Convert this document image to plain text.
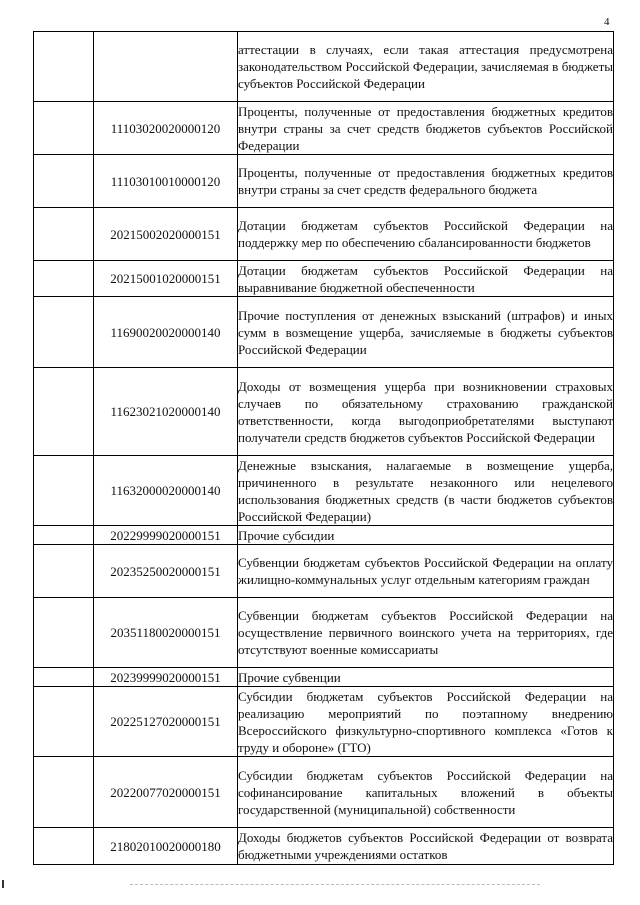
4
		аттестации в случаях, если такая аттестация предусмотрена законодательством Российской Федерации, зачисляемая в бюджеты субъектов Российской Федерации
	11103020020000120	Проценты, полученные от предоставления бюджетных кредитов внутри страны за счет средств бюджетов субъектов Российской Федерации
	11103010010000120	Проценты, полученные от предоставления бюджетных кредитов внутри страны за счет средств федерального бюджета
	20215002020000151	Дотации бюджетам субъектов Российской Федерации на поддержку мер по обеспечению сбалансированности бюджетов
	20215001020000151	Дотации бюджетам субъектов Российской Федерации на выравнивание бюджетной обеспеченности
	11690020020000140	Прочие поступления от денежных взысканий (штрафов) и иных сумм в возмещение ущерба, зачисляемые в бюджеты субъектов Российской Федерации
	11623021020000140	Доходы от возмещения ущерба при возникновении страховых случаев по обязательному страхованию гражданской ответственности, когда выгодоприобретателями выступают получатели средств бюджетов субъектов Российской Федерации
	11632000020000140	Денежные взыскания, налагаемые в возмещение ущерба, причиненного в результате незаконного или нецелевого использования бюджетных средств (в части бюджетов субъектов Российской Федерации)
	20229999020000151	Прочие субсидии
	20235250020000151	Субвенции бюджетам субъектов Российской Федерации на оплату жилищно-коммунальных услуг отдельным категориям граждан
	20351180020000151	Субвенции бюджетам субъектов Российской Федерации на осуществление первичного воинского учета на территориях, где отсутствуют военные комиссариаты
	20239999020000151	Прочие субвенции
	20225127020000151	Субсидии бюджетам субъектов Российской Федерации на реализацию мероприятий по поэтапному внедрению Всероссийского физкультурно-спортивного комплекса «Готов к труду и обороне» (ГТО)
	20220077020000151	Субсидии бюджетам субъектов Российской Федерации на софинансирование капитальных вложений в объекты государственной (муниципальной) собственности
	21802010020000180	Доходы бюджетов субъектов Российской Федерации от возврата бюджетными учреждениями остатков
